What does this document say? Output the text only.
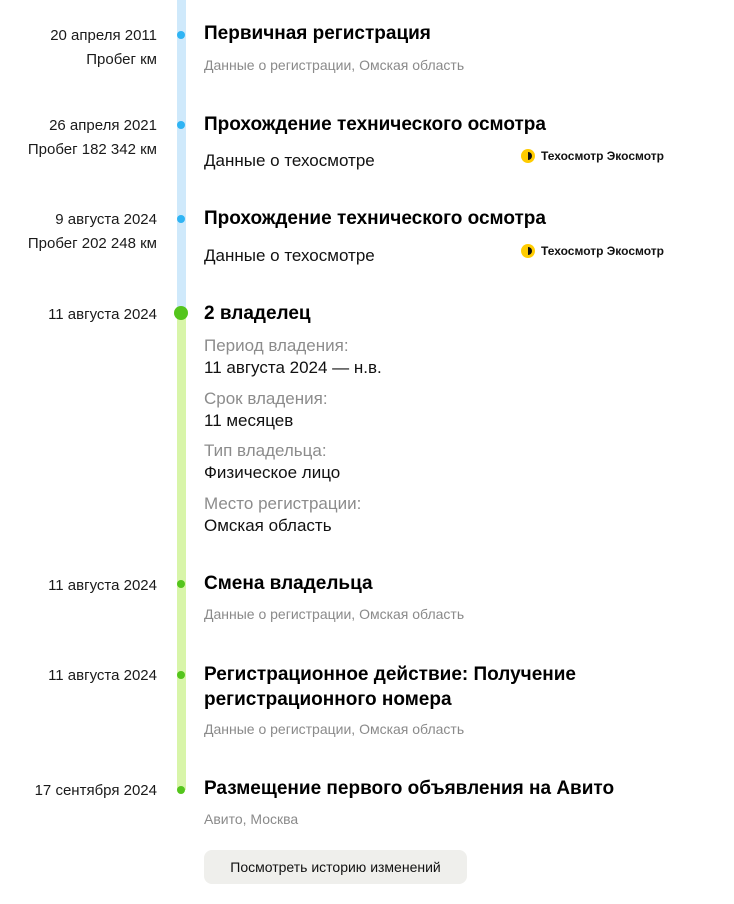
20 апреля 2011
Пробег км
Первичная регистрация
Данные о регистрации, Омская область
26 апреля 2021
Пробег 182 342 км
Прохождение технического осмотра
Данные о техосмотре	Техосмотр Экосмотр
9 августа 2024
Пробег 202 248 км
Прохождение технического осмотра
Данные о техосмотре	Техосмотр Экосмотр
11 августа 2024 2 владелец
Период владения:
11 августа 2024 — н.в.
Срок владения:
11 месяцев
Тип владельца:
Физическое лицо
Место регистрации:
Омская область
11 августа 2024 Смена владельца
Данные о регистрации, Омская область
11 августа 2024 Регистрационное действие: Получение
регистрационного номера
Данные о регистрации, Омская область
17 сентября 2024 Размещение первого объявления на Авито
Авито, Москва
Посмотреть историю изменений
